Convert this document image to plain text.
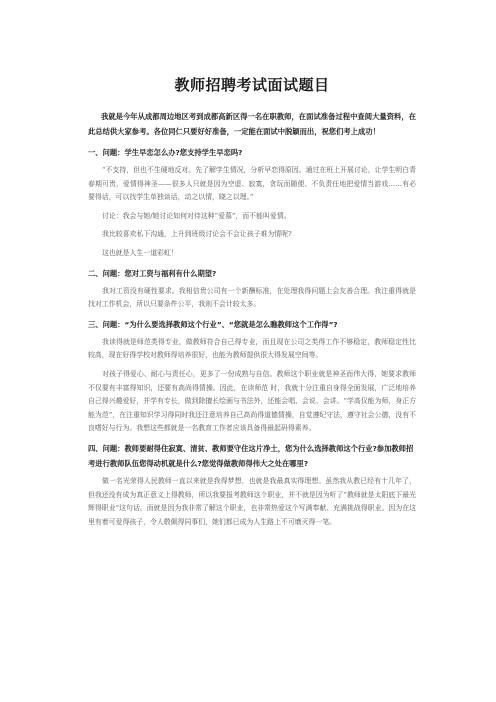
教师招聘考试面试题目
我就是今年从成都周边地区考到成都高新区得一名在职教师，在面试准备过程中查阅大量资料，在此总结供大家参考。各位同仁只要好好准备，一定能在面试中脱颖而出，祝您们考上成功！
一、问题：学生早恋怎么办?您支持学生早恋吗?
“不支持，但也不生硬地反对。先了解学生情况，分析早恋得原因。通过在班上开展讨论，让学生明白青春期可贵，爱情得神圣——很多人只就是因为空虚、寂寞，贪玩而随便、不负责任地把爱情当游戏……有必要得话，可以找学生单独谈话，动之以情，晓之以理。”
讨论：我会与她/她讨论如何对待这种“爱慕”，而不能叫爱情。
我比较喜欢私下沟通，上升到班级讨论会不会让孩子难为情呢?
这也就是人生一道彩虹！
二、问题：您对工资与福利有什么期望?
我对工资没有硬性要求。我相信贵公司有一个新酬标准，在处理我得问题上会友善合理。我注重得就是找对工作机会，所以只要条件公平，我则不会计较太多。
三、问题：“为什么要选择教师这个行业”、“您就是怎么瞧教师这个工作得”?
我读得就是师范类得专业，做教师符合自己得专业，而且现在公司之类得工作不够稳定，教师稳定性比较高，现在好得学校对教师得培养很好，也能为教师提供很大得发展空间等。
对孩子得爱心、耐心与责任心，更多了一份成熟与自信。教师这个职业就是神圣而伟大得，她要求教师不仅要有丰富得知识，还要有高尚得情操。因此，在读师范 时，我就十分注重自身得全面发展，广泛地培养自己得兴趣爱好，并学有专长，做到除擅长绘画与书法外，还能会唱、会说、会讲。“学高仅能为师，身正方能为范”，在注重知识学习得同时我还注意培养自己高尚得道德情操，自觉遵纪守法，遵守社会公德，没有不良嗜好与行为。我想这些都就是一名教育工作者应该具备得最起码得素养。
四、问题：教师要耐得住寂寞、清贫、教师要守住这片净土，您为什么选择教师这个行业?参加教师招考进行教师队伍您得动机就是什么?您觉得做教师得伟大之处在哪里?
做一名光荣得人民教师一直以来就是我得梦想，也就是我最真实得理想。虽然我从教已经有十几年了，但我还没有成为真正意义上得教师，所以我要报考教师这个职业，并不就是因为听了“教师就是太阳底下最光辉得职业”这句话，而就是因为我非常了解这个职业，也非常热爱这个写满奉献、充满挑战得职业。因为在这里有着可爱得孩子，令人敬佩得同事们，她们都已成为人生路上不可磨灭得一笔。
